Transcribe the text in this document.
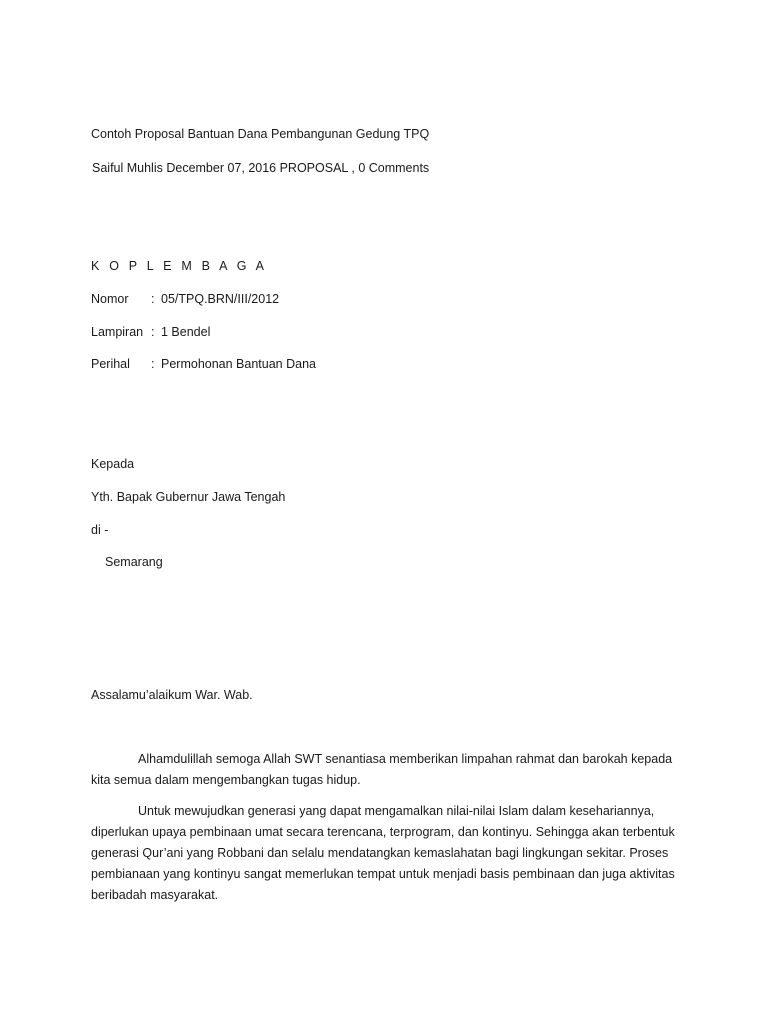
Contoh Proposal Bantuan Dana Pembangunan Gedung TPQ
Saiful Muhlis December 07, 2016 PROPOSAL , 0 Comments
K O P L E M B A G A
Nomor : 05/TPQ.BRN/III/2012
Lampiran : 1 Bendel
Perihal : Permohonan Bantuan Dana
Kepada
Yth. Bapak Gubernur Jawa Tengah
di -
Semarang
Assalamu’alaikum War. Wab.
Alhamdulillah semoga Allah SWT senantiasa memberikan limpahan rahmat dan barokah kepada kita semua dalam mengembangkan tugas hidup.
Untuk mewujudkan generasi yang dapat mengamalkan nilai-nilai Islam dalam kesehariannya, diperlukan upaya pembinaan umat secara terencana, terprogram, dan kontinyu. Sehingga akan terbentuk generasi Qur’ani yang Robbani dan selalu mendatangkan kemaslahatan bagi lingkungan sekitar. Proses pembianaan yang kontinyu sangat memerlukan tempat untuk menjadi basis pembinaan dan juga aktivitas beribadah masyarakat.
